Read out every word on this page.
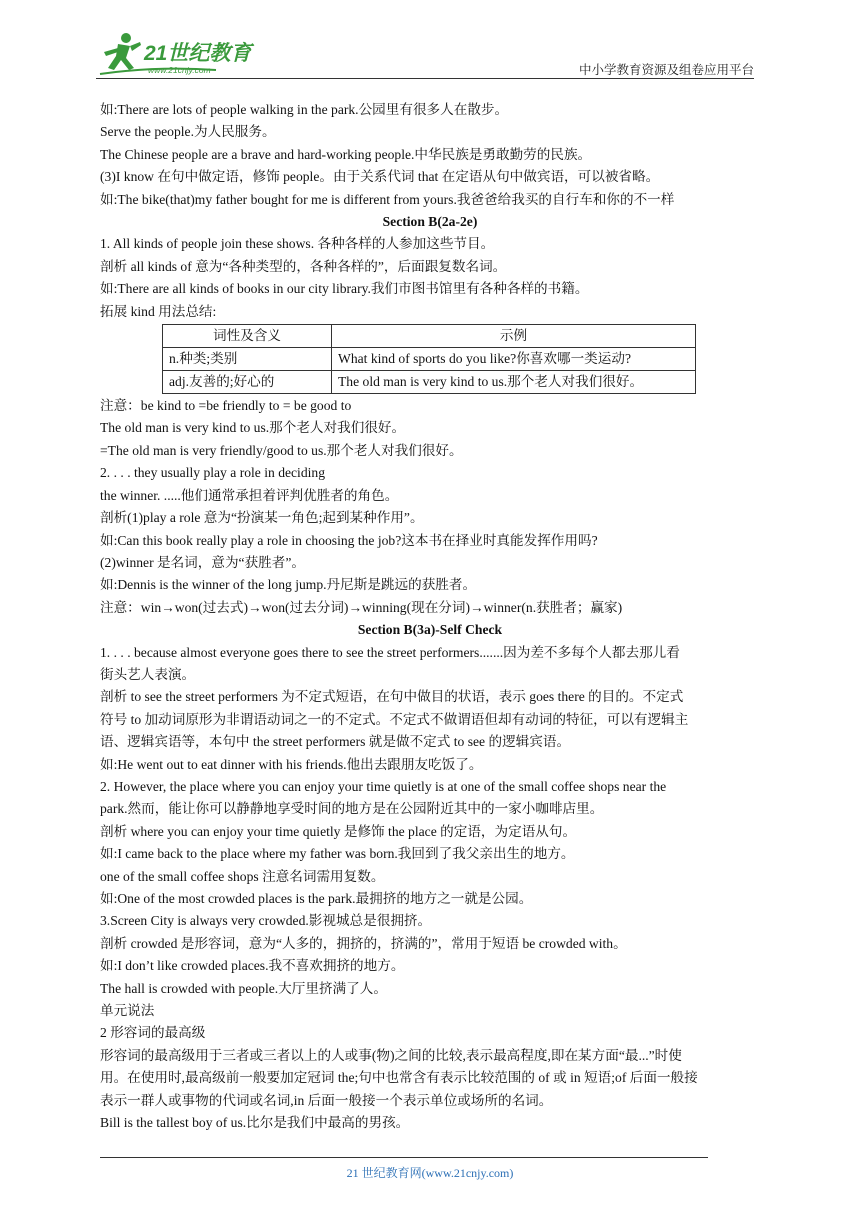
21世纪教育
www.21cnjy.com	中小学教育资源及组卷应用平台
如:There are lots of people walking in the park.公园里有很多人在散步。
Serve the people.为人民服务。
The Chinese people are a brave and hard-working people.中华民族是勇敢勤劳的民族。
(3)I know 在句中做定语，修饰 people。由于关系代词 that 在定语从句中做宾语，可以被省略。
如:The bike(that)my father bought for me is different from yours.我爸爸给我买的自行车和你的不一样
Section B(2a-2e)
1. All kinds of people join these shows. 各种各样的人参加这些节目。
剖析 all kinds of 意为“各种类型的，各种各样的”，后面跟复数名词。
如:There are all kinds of books in our city library.我们市图书馆里有各种各样的书籍。
拓展 kind 用法总结:
词性及含义	示例
n.种类;类别	What kind of sports do you like?你喜欢哪一类运动?
adj.友善的;好心的	The old man is very kind to us.那个老人对我们很好。
注意：be kind to =be friendly to = be good to
The old man is very kind to us.那个老人对我们很好。
=The old man is very friendly/good to us.那个老人对我们很好。
2. . . . they usually play a role in deciding
the winner. .....他们通常承担着评判优胜者的角色。
剖析(1)play a role 意为“扮演某一角色;起到某种作用”。
如:Can this book really play a role in choosing the job?这本书在择业时真能发挥作用吗?
(2)winner 是名词，意为“获胜者”。
如:Dennis is the winner of the long jump.丹尼斯是跳远的获胜者。
注意：win→won(过去式)→won(过去分词)→winning(现在分词)→winner(n.获胜者；赢家)
Section B(3a)-Self Check
1. . . . because almost everyone goes there to see the street performers.......因为差不多每个人都去那儿看
街头艺人表演。
剖析 to see the street performers 为不定式短语，在句中做目的状语，表示 goes there 的目的。不定式
符号 to 加动词原形为非谓语动词之一的不定式。不定式不做谓语但却有动词的特征，可以有逻辑主
语、逻辑宾语等，本句中 the street performers 就是做不定式 to see 的逻辑宾语。
如:He went out to eat dinner with his friends.他出去跟朋友吃饭了。
2. However, the place where you can enjoy your time quietly is at one of the small coffee shops near the
park.然而，能让你可以静静地享受时间的地方是在公园附近其中的一家小咖啡店里。
剖析 where you can enjoy your time quietly 是修饰 the place 的定语，为定语从句。
如:I came back to the place where my father was born.我回到了我父亲出生的地方。
one of the small coffee shops 注意名词需用复数。
如:One of the most crowded places is the park.最拥挤的地方之一就是公园。
3.Screen City is always very crowded.影视城总是很拥挤。
剖析 crowded 是形容词，意为“人多的，拥挤的，挤满的”，常用于短语 be crowded with。
如:I don’t like crowded places.我不喜欢拥挤的地方。
The hall is crowded with people.大厅里挤满了人。
单元说法
2 形容词的最高级
形容词的最高级用于三者或三者以上的人或事(物)之间的比较,表示最高程度,即在某方面“最...”时使
用。在使用时,最高级前一般要加定冠词 the;句中也常含有表示比较范围的 of 或 in 短语;of 后面一般接
表示一群人或事物的代词或名词,in 后面一般接一个表示单位或场所的名词。
Bill is the tallest boy of us.比尔是我们中最高的男孩。
21 世纪教育网(www.21cnjy.com)
